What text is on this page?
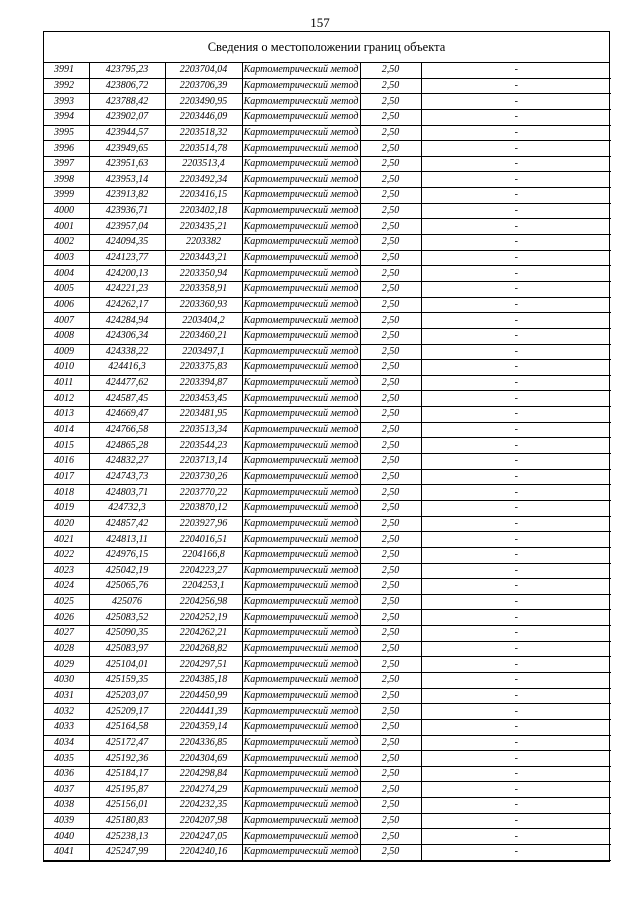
157
Сведения о местоположении границ объекта
3991	423795,23	2203704,04	Картометрический метод	2,50	-
3992	423806,72	2203706,39	Картометрический метод	2,50	-
3993	423788,42	2203490,95	Картометрический метод	2,50	-
3994	423902,07	2203446,09	Картометрический метод	2,50	-
3995	423944,57	2203518,32	Картометрический метод	2,50	-
3996	423949,65	2203514,78	Картометрический метод	2,50	-
3997	423951,63	2203513,4	Картометрический метод	2,50	-
3998	423953,14	2203492,34	Картометрический метод	2,50	-
3999	423913,82	2203416,15	Картометрический метод	2,50	-
4000	423936,71	2203402,18	Картометрический метод	2,50	-
4001	423957,04	2203435,21	Картометрический метод	2,50	-
4002	424094,35	2203382	Картометрический метод	2,50	-
4003	424123,77	2203443,21	Картометрический метод	2,50	-
4004	424200,13	2203350,94	Картометрический метод	2,50	-
4005	424221,23	2203358,91	Картометрический метод	2,50	-
4006	424262,17	2203360,93	Картометрический метод	2,50	-
4007	424284,94	2203404,2	Картометрический метод	2,50	-
4008	424306,34	2203460,21	Картометрический метод	2,50	-
4009	424338,22	2203497,1	Картометрический метод	2,50	-
4010	424416,3	2203375,83	Картометрический метод	2,50	-
4011	424477,62	2203394,87	Картометрический метод	2,50	-
4012	424587,45	2203453,45	Картометрический метод	2,50	-
4013	424669,47	2203481,95	Картометрический метод	2,50	-
4014	424766,58	2203513,34	Картометрический метод	2,50	-
4015	424865,28	2203544,23	Картометрический метод	2,50	-
4016	424832,27	2203713,14	Картометрический метод	2,50	-
4017	424743,73	2203730,26	Картометрический метод	2,50	-
4018	424803,71	2203770,22	Картометрический метод	2,50	-
4019	424732,3	2203870,12	Картометрический метод	2,50	-
4020	424857,42	2203927,96	Картометрический метод	2,50	-
4021	424813,11	2204016,51	Картометрический метод	2,50	-
4022	424976,15	2204166,8	Картометрический метод	2,50	-
4023	425042,19	2204223,27	Картометрический метод	2,50	-
4024	425065,76	2204253,1	Картометрический метод	2,50	-
4025	425076	2204256,98	Картометрический метод	2,50	-
4026	425083,52	2204252,19	Картометрический метод	2,50	-
4027	425090,35	2204262,21	Картометрический метод	2,50	-
4028	425083,97	2204268,82	Картометрический метод	2,50	-
4029	425104,01	2204297,51	Картометрический метод	2,50	-
4030	425159,35	2204385,18	Картометрический метод	2,50	-
4031	425203,07	2204450,99	Картометрический метод	2,50	-
4032	425209,17	2204441,39	Картометрический метод	2,50	-
4033	425164,58	2204359,14	Картометрический метод	2,50	-
4034	425172,47	2204336,85	Картометрический метод	2,50	-
4035	425192,36	2204304,69	Картометрический метод	2,50	-
4036	425184,17	2204298,84	Картометрический метод	2,50	-
4037	425195,87	2204274,29	Картометрический метод	2,50	-
4038	425156,01	2204232,35	Картометрический метод	2,50	-
4039	425180,83	2204207,98	Картометрический метод	2,50	-
4040	425238,13	2204247,05	Картометрический метод	2,50	-
4041	425247,99	2204240,16	Картометрический метод	2,50	-
